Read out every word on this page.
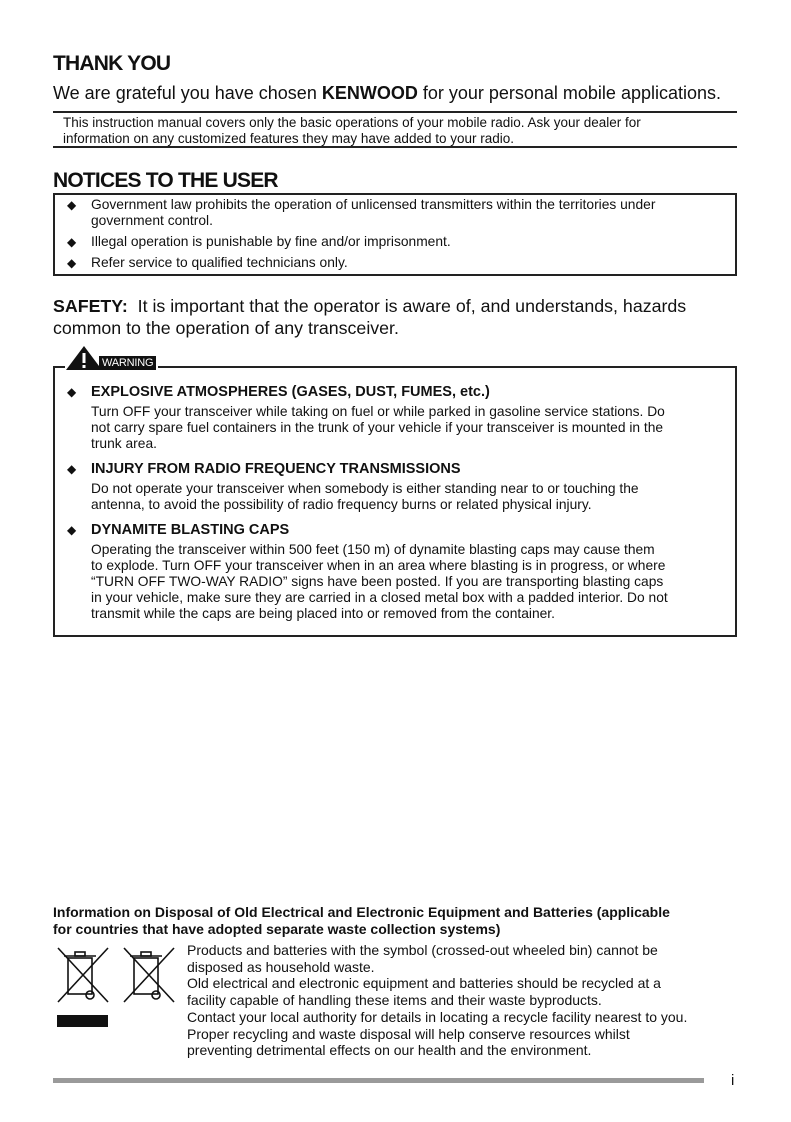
THANK YOU
We are grateful you have chosen KENWOOD for your personal mobile applications.
This instruction manual covers only the basic operations of your mobile radio. Ask your dealer for
information on any customized features they may have added to your radio.
NOTICES TO THE USER
◆ Government law prohibits the operation of unlicensed transmitters within the territories under
government control.
◆ Illegal operation is punishable by fine and/or imprisonment.
◆ Refer service to qualified technicians only.
SAFETY:  It is important that the operator is aware of, and understands, hazards
common to the operation of any transceiver.
◆ EXPLOSIVE ATMOSPHERES (GASES, DUST, FUMES, etc.)
Turn OFF your transceiver while taking on fuel or while parked in gasoline service stations. Do
not carry spare fuel containers in the trunk of your vehicle if your transceiver is mounted in the
trunk area.
◆ INJURY FROM RADIO FREQUENCY TRANSMISSIONS
Do not operate your transceiver when somebody is either standing near to or touching the
antenna, to avoid the possibility of radio frequency burns or related physical injury.
◆ DYNAMITE BLASTING CAPS
Operating the transceiver within 500 feet (150 m) of dynamite blasting caps may cause them
to explode. Turn OFF your transceiver when in an area where blasting is in progress, or where
“TURN OFF TWO-WAY RADIO” signs have been posted. If you are transporting blasting caps
in your vehicle, make sure they are carried in a closed metal box with a padded interior. Do not
transmit while the caps are being placed into or removed from the container.
WARNING
Information on Disposal of Old Electrical and Electronic Equipment and Batteries (applicable
for countries that have adopted separate waste collection systems)
Products and batteries with the symbol (crossed-out wheeled bin) cannot be
disposed as household waste.
Old electrical and electronic equipment and batteries should be recycled at a
facility capable of handling these items and their waste byproducts.
Contact your local authority for details in locating a recycle facility nearest to you.
Proper recycling and waste disposal will help conserve resources whilst
preventing detrimental effects on our health and the environment.
i
